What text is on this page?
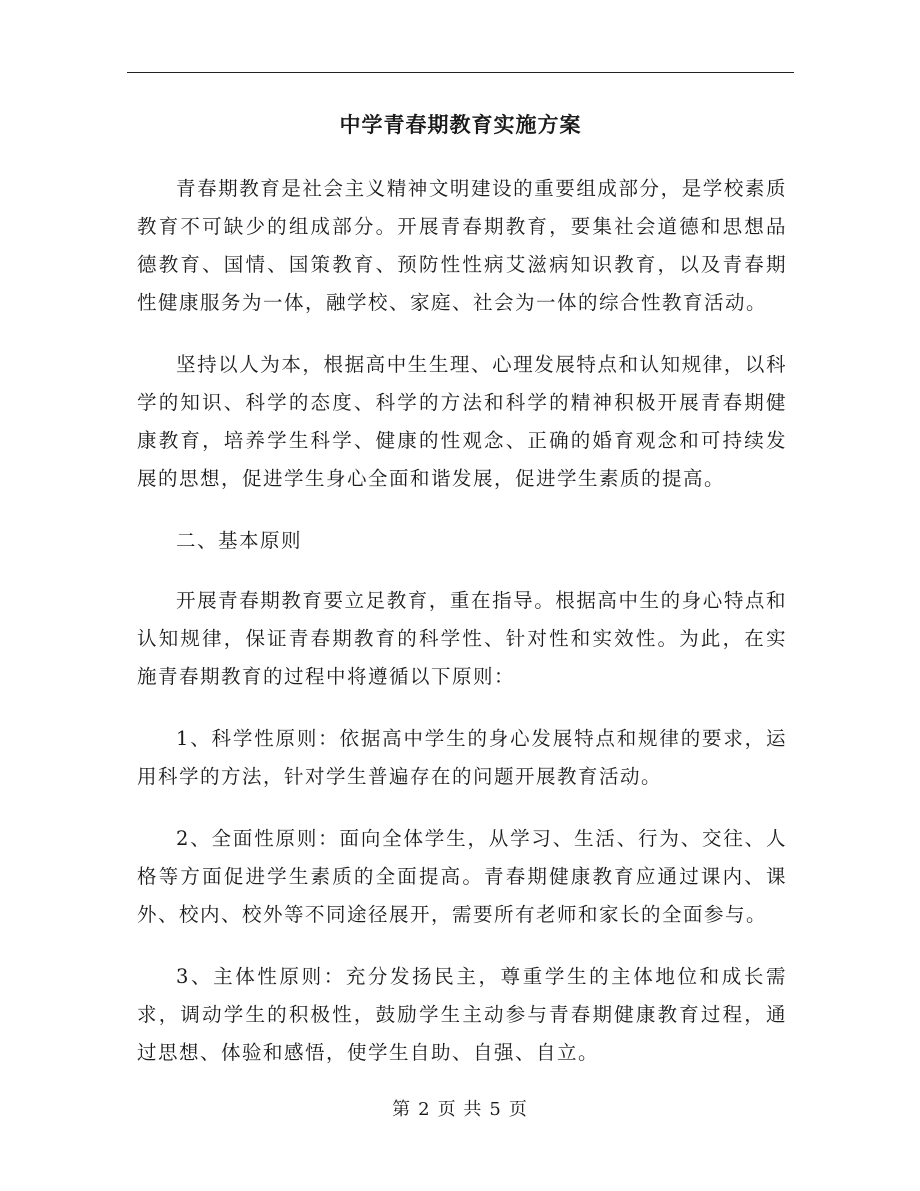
中学青春期教育实施方案

青春期教育是社会主义精神文明建设的重要组成部分，是学校素质教育不可缺少的组成部分。开展青春期教育，要集社会道德和思想品德教育、国情、国策教育、预防性性病艾滋病知识教育，以及青春期性健康服务为一体，融学校、家庭、社会为一体的综合性教育活动。

坚持以人为本，根据高中生生理、心理发展特点和认知规律，以科学的知识、科学的态度、科学的方法和科学的精神积极开展青春期健康教育，培养学生科学、健康的性观念、正确的婚育观念和可持续发展的思想，促进学生身心全面和谐发展，促进学生素质的提高。

二、基本原则

开展青春期教育要立足教育，重在指导。根据高中生的身心特点和认知规律，保证青春期教育的科学性、针对性和实效性。为此，在实施青春期教育的过程中将遵循以下原则：

1、科学性原则：依据高中学生的身心发展特点和规律的要求，运用科学的方法，针对学生普遍存在的问题开展教育活动。

2、全面性原则：面向全体学生，从学习、生活、行为、交往、人格等方面促进学生素质的全面提高。青春期健康教育应通过课内、课外、校内、校外等不同途径展开，需要所有老师和家长的全面参与。

3、主体性原则：充分发扬民主，尊重学生的主体地位和成长需求，调动学生的积极性，鼓励学生主动参与青春期健康教育过程，通过思想、体验和感悟，使学生自助、自强、自立。

第 2 页 共 5 页
